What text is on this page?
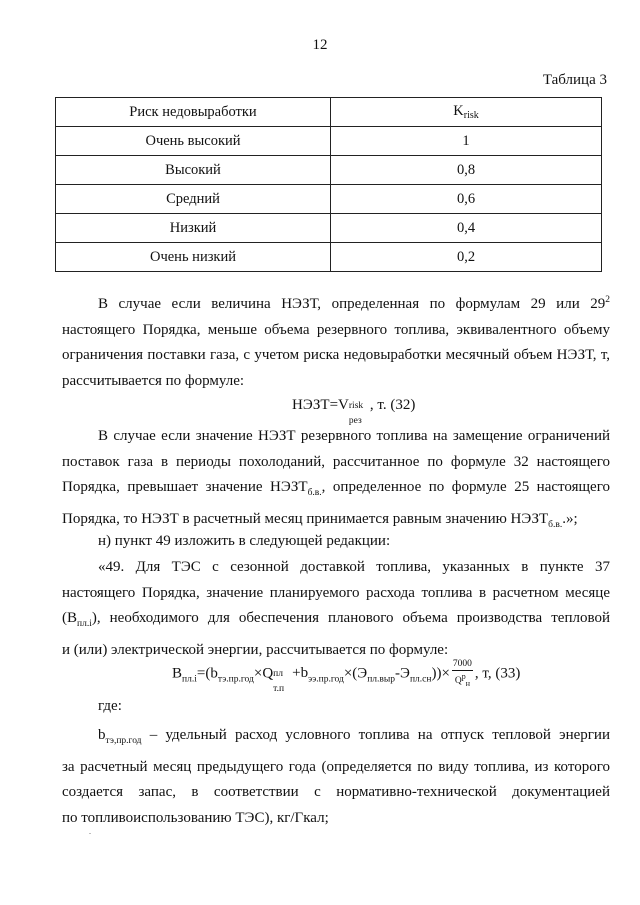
12
Таблица 3
Риск недовыработки	$K_{risk}$
Очень высокий	1
Высокий	0,8
Средний	0,6
Низкий	0,4
Очень низкий	0,2
В случае если величина НЭЗТ, определенная по формулам 29 или $29^2$
настоящего Порядка, меньше объема резервного топлива, эквивалентного объему
ограничения поставки газа, с учетом риска недовыработки месячный объем НЭЗТ, т,
рассчитывается по формуле:
НЭЗТ=V risk
рез
, т. (32)
В случае если значение НЭЗТ резервного топлива на замещение ограничений
поставок газа в периоды похолоданий, рассчитанное по формуле 32 настоящего
Порядка, превышает значение $НЭЗТ_{б.в.}$, определенное по формуле 25 настоящего
Порядка, то НЭЗТ в расчетный месяц принимается равным значению $НЭЗТ_{б.в.}$.»;
н) пункт 49 изложить в следующей редакции:
«49. Для ТЭС с сезонной доставкой топлива, указанных в пункте 37
настоящего Порядка, значение планируемого расхода топлива в расчетном месяце
$(B_{пл.i})$, необходимого для обеспечения планового объема производства тепловой
и (или) электрической энергии, рассчитывается по формуле:
$B_{пл.i}=(b_{тэ.пр.год}\times Q$ пл
т.п
$+b_{ээ.пр.год}\times(Э_{пл.выр}-Э_{пл.сн}))\times \frac{7000}{Q^р_н}$ , т, (33)
где:
$b_{тэ,пр.год}$ – удельный расход условного топлива на отпуск тепловой энергии
за расчетный месяц предыдущего года (определяется по виду топлива, из которого
создается запас, в соответствии с нормативно-технической документацией
по топливоиспользованию ТЭС), кг/Гкал;
.
